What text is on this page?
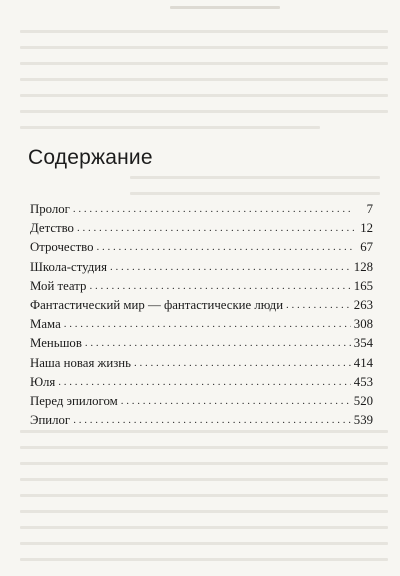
Содержание
Пролог . . .	7
Детство . . .	12
Отрочество . . .	67
Школа-студия . . .	128
Мой театр . . .	165
Фантастический мир — фантастические люди . . .	263
Мама . . .	308
Меньшов . . .	354
Наша новая жизнь . . .	414
Юля . . .	453
Перед эпилогом . . .	520
Эпилог . . .	539
